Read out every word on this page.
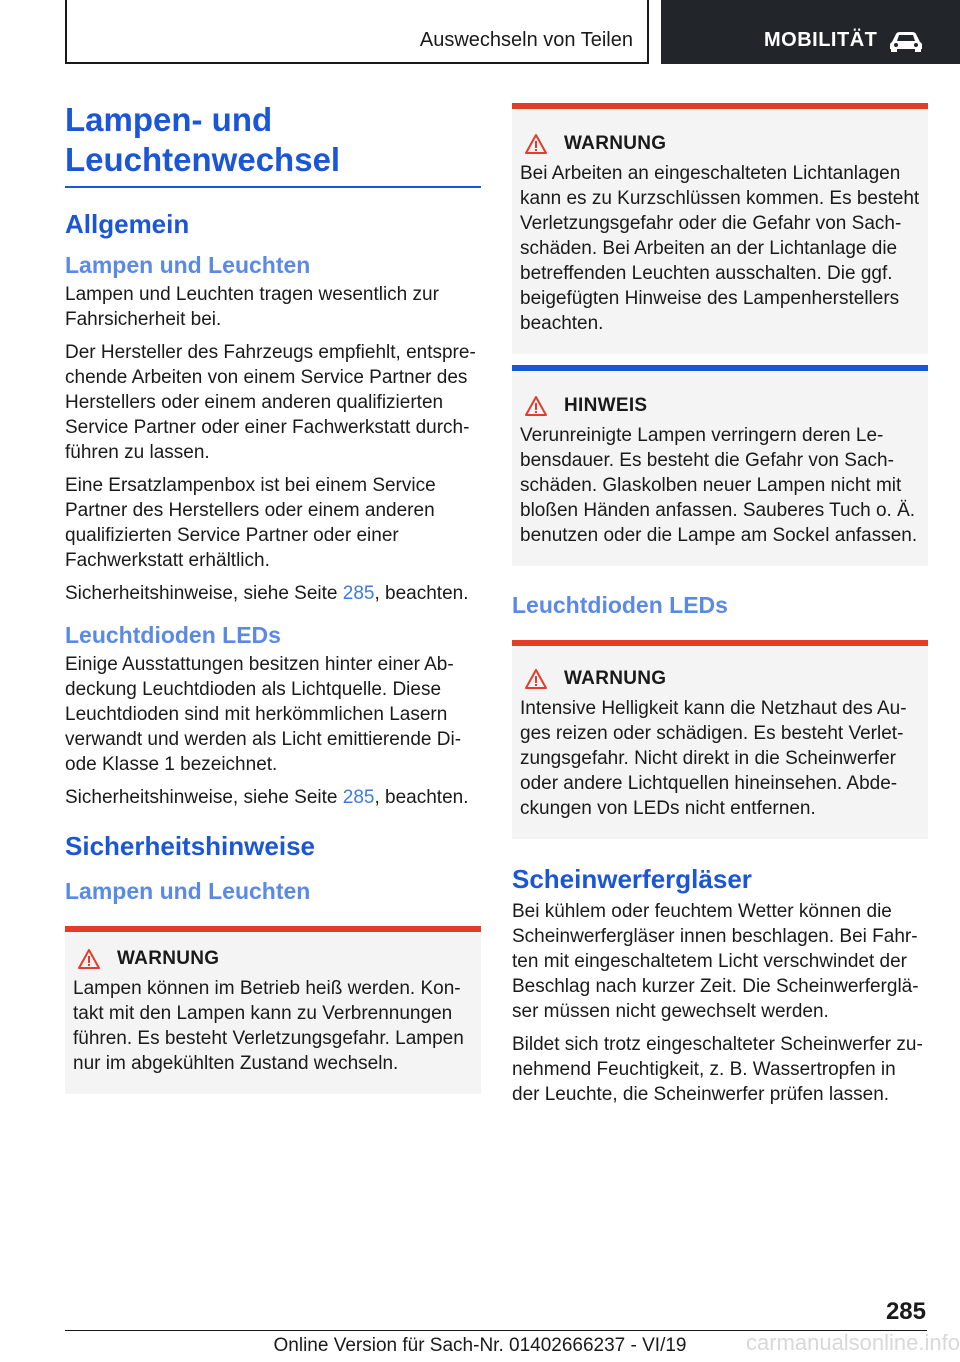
Auswechseln von Teilen	MOBILITÄT
Lampen- und Leuchtenwechsel
Allgemein
Lampen und Leuchten

Lampen und Leuchten tragen wesentlich zur Fahrsicherheit bei.

Der Hersteller des Fahrzeugs empfiehlt, entsprechende Arbeiten von einem Service Partner des Herstellers oder einem anderen qualifizierten Service Partner oder einer Fachwerkstatt durchführen zu lassen.

Eine Ersatzlampenbox ist bei einem Service Partner des Herstellers oder einem anderen qualifizierten Service Partner oder einer Fachwerkstatt erhältlich.

Sicherheitshinweise, siehe Seite 285, beachten.

Leuchtdioden LEDs

Einige Ausstattungen besitzen hinter einer Abdeckung Leuchtdioden als Lichtquelle. Diese Leuchtdioden sind mit herkömmlichen Lasern verwandt und werden als Licht emittierende Diode Klasse 1 bezeichnet.

Sicherheitshinweise, siehe Seite 285, beachten.

Sicherheitshinweise
Lampen und Leuchten
WARNUNG

Lampen können im Betrieb heiß werden. Kontakt mit den Lampen kann zu Verbrennungen führen. Es besteht Verletzungsgefahr. Lampen nur im abgekühlten Zustand wechseln.

WARNUNG

Bei Arbeiten an eingeschalteten Lichtanlagen kann es zu Kurzschlüssen kommen. Es besteht Verletzungsgefahr oder die Gefahr von Sachschäden. Bei Arbeiten an der Lichtanlage die betreffenden Leuchten ausschalten. Die ggf. beigefügten Hinweise des Lampenherstellers beachten.

HINWEIS

Verunreinigte Lampen verringern deren Lebensdauer. Es besteht die Gefahr von Sachschäden. Glaskolben neuer Lampen nicht mit bloßen Händen anfassen. Sauberes Tuch o. Ä. benutzen oder die Lampe am Sockel anfassen.

Leuchtdioden LEDs
WARNUNG

Intensive Helligkeit kann die Netzhaut des Auges reizen oder schädigen. Es besteht Verletzungsgefahr. Nicht direkt in die Scheinwerfer oder andere Lichtquellen hineinsehen. Abdeckungen von LEDs nicht entfernen.

Scheinwerfergläser

Bei kühlem oder feuchtem Wetter können die Scheinwerfergläser innen beschlagen. Bei Fahrten mit eingeschaltetem Licht verschwindet der Beschlag nach kurzer Zeit. Die Scheinwerfergläser müssen nicht gewechselt werden.

Bildet sich trotz eingeschalteter Scheinwerfer zunehmend Feuchtigkeit, z. B. Wassertropfen in der Leuchte, die Scheinwerfer prüfen lassen.

285
Online Version für Sach-Nr. 01402666237 - VI/19	carmanualsonline.info
